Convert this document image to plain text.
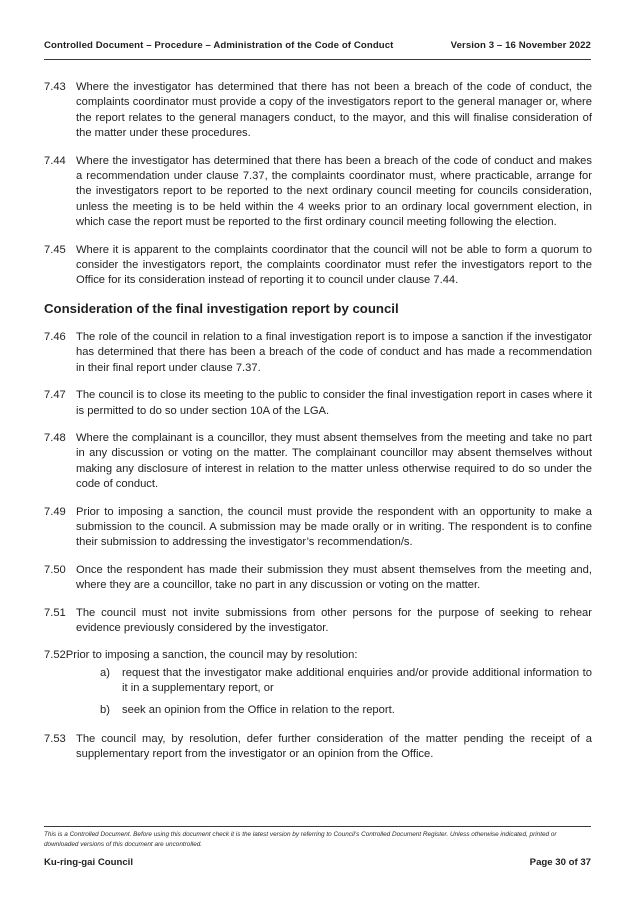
Controlled Document – Procedure – Administration of the Code of Conduct	Version 3 – 16 November 2022
7.43 Where the investigator has determined that there has not been a breach of the code of conduct, the complaints coordinator must provide a copy of the investigators report to the general manager or, where the report relates to the general managers conduct, to the mayor, and this will finalise consideration of the matter under these procedures.
7.44 Where the investigator has determined that there has been a breach of the code of conduct and makes a recommendation under clause 7.37, the complaints coordinator must, where practicable, arrange for the investigators report to be reported to the next ordinary council meeting for councils consideration, unless the meeting is to be held within the 4 weeks prior to an ordinary local government election, in which case the report must be reported to the first ordinary council meeting following the election.
7.45 Where it is apparent to the complaints coordinator that the council will not be able to form a quorum to consider the investigators report, the complaints coordinator must refer the investigators report to the Office for its consideration instead of reporting it to council under clause 7.44.
Consideration of the final investigation report by council
7.46 The role of the council in relation to a final investigation report is to impose a sanction if the investigator has determined that there has been a breach of the code of conduct and has made a recommendation in their final report under clause 7.37.
7.47 The council is to close its meeting to the public to consider the final investigation report in cases where it is permitted to do so under section 10A of the LGA.
7.48 Where the complainant is a councillor, they must absent themselves from the meeting and take no part in any discussion or voting on the matter. The complainant councillor may absent themselves without making any disclosure of interest in relation to the matter unless otherwise required to do so under the code of conduct.
7.49 Prior to imposing a sanction, the council must provide the respondent with an opportunity to make a submission to the council. A submission may be made orally or in writing. The respondent is to confine their submission to addressing the investigator’s recommendation/s.
7.50 Once the respondent has made their submission they must absent themselves from the meeting and, where they are a councillor, take no part in any discussion or voting on the matter.
7.51 The council must not invite submissions from other persons for the purpose of seeking to rehear evidence previously considered by the investigator.
7.52 Prior to imposing a sanction, the council may by resolution:
a)	request that the investigator make additional enquiries and/or provide additional information to it in a supplementary report, or
b)	seek an opinion from the Office in relation to the report.
7.53 The council may, by resolution, defer further consideration of the matter pending the receipt of a supplementary report from the investigator or an opinion from the Office.
This is a Controlled Document. Before using this document check it is the latest version by referring to Council’s Controlled Document Register. Unless otherwise indicated, printed or downloaded versions of this document are uncontrolled.
Ku-ring-gai Council	Page 30 of 37
